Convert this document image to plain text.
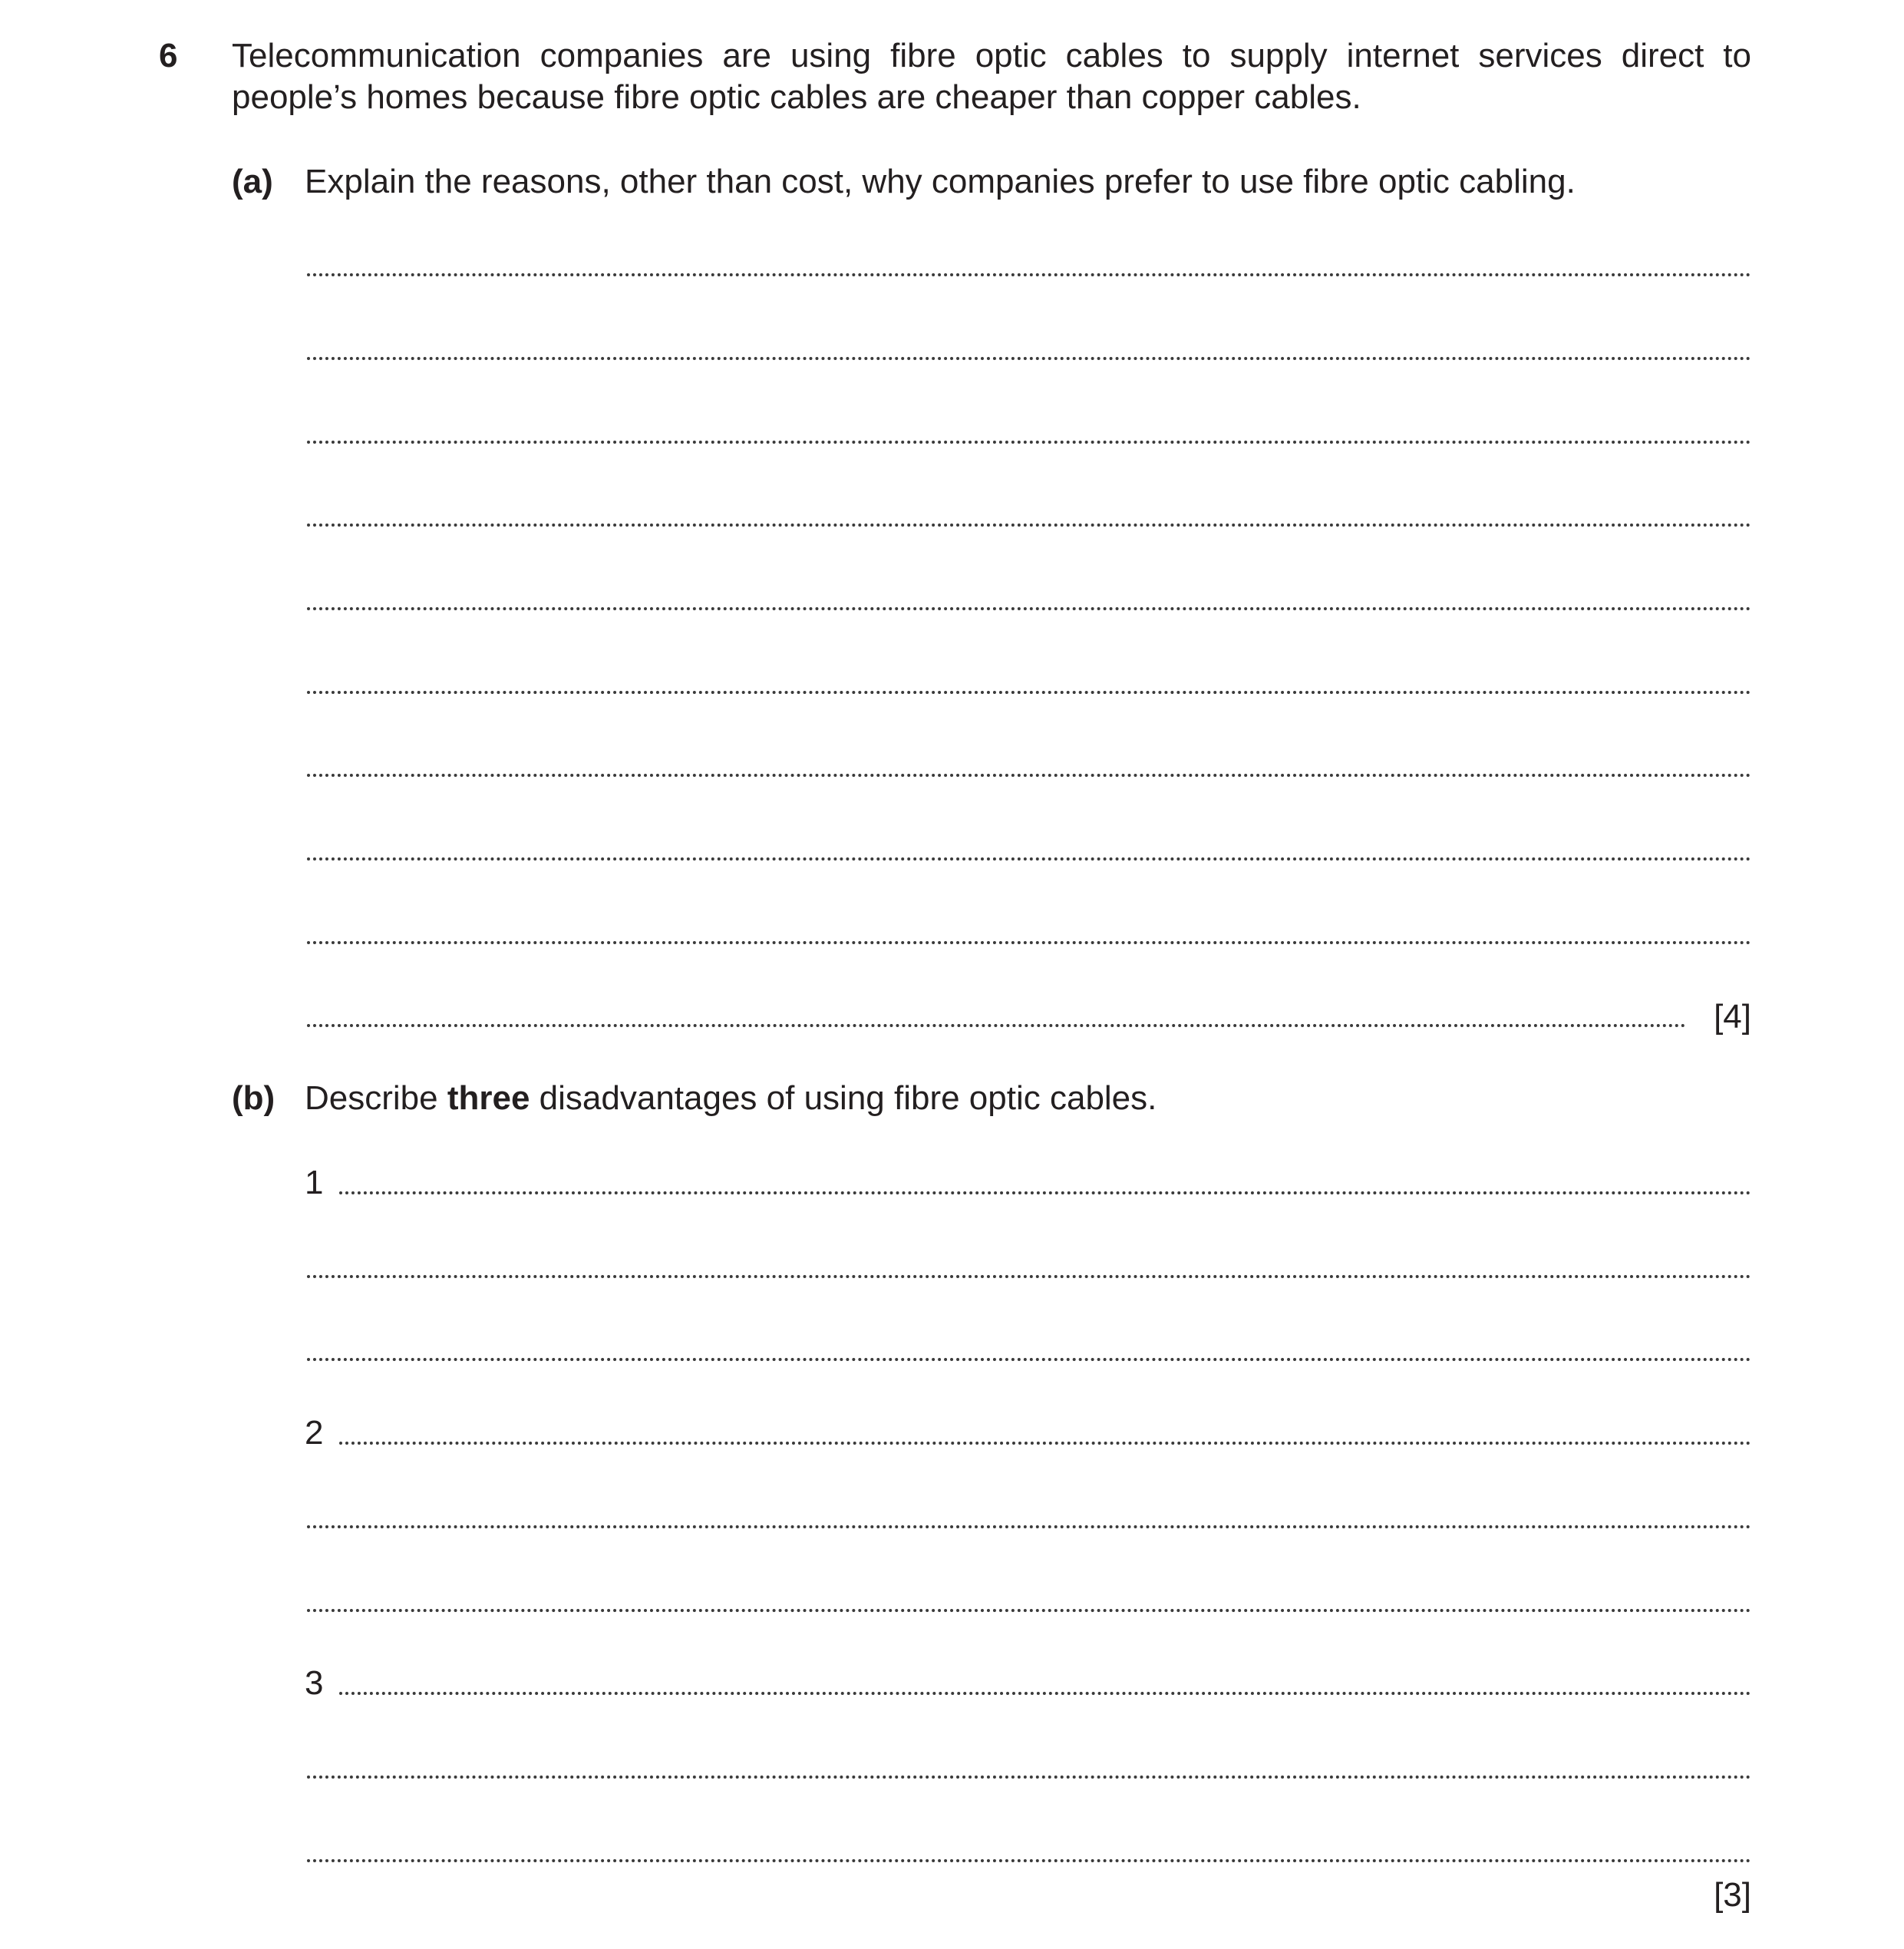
6 Telecommunication companies are using fibre optic cables to supply internet services direct to people’s homes because fibre optic cables are cheaper than copper cables.

(a) Explain the reasons, other than cost, why companies prefer to use fibre optic cabling.
[4]
(b) Describe three disadvantages of using fibre optic cables.
1
2
3
[3]
